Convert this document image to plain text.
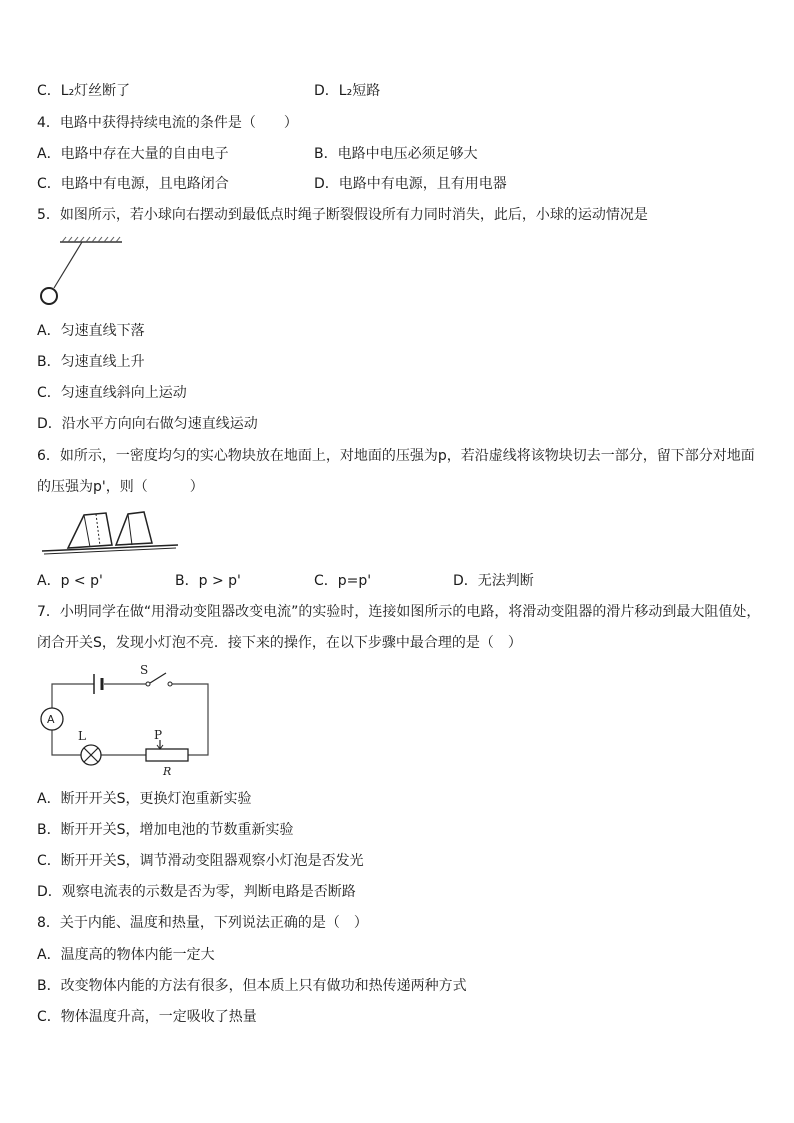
C．L₂灯丝断了	D．L₂短路
4．电路中获得持续电流的条件是（　　）
A．电路中存在大量的自由电子	B．电路中电压必须足够大
C．电路中有电源，且电路闭合	D．电路中有电源，且有用电器
5．如图所示，若小球向右摆动到最低点时绳子断裂假设所有力同时消失，此后，小球的运动情况是
A．匀速直线下落
B．匀速直线上升
C．匀速直线斜向上运动
D．沿水平方向向右做匀速直线运动
6．如所示，一密度均匀的实心物块放在地面上，对地面的压强为p，若沿虚线将该物块切去一部分，留下部分对地面
的压强为p'，则（　　　）
A．p < p'	B．p > p'	C．p=p'	D．无法判断
7．小明同学在做“用滑动变阻器改变电流”的实验时，连接如图所示的电路，将滑动变阻器的滑片移动到最大阻值处，
闭合开关S，发现小灯泡不亮．接下来的操作，在以下步骤中最合理的是（　）
S
A
L	P
R
A．断开开关S，更换灯泡重新实验
B．断开开关S，增加电池的节数重新实验
C．断开开关S，调节滑动变阻器观察小灯泡是否发光
D．观察电流表的示数是否为零，判断电路是否断路
8．关于内能、温度和热量，下列说法正确的是（　）
A．温度高的物体内能一定大
B．改变物体内能的方法有很多，但本质上只有做功和热传递两种方式
C．物体温度升高，一定吸收了热量
